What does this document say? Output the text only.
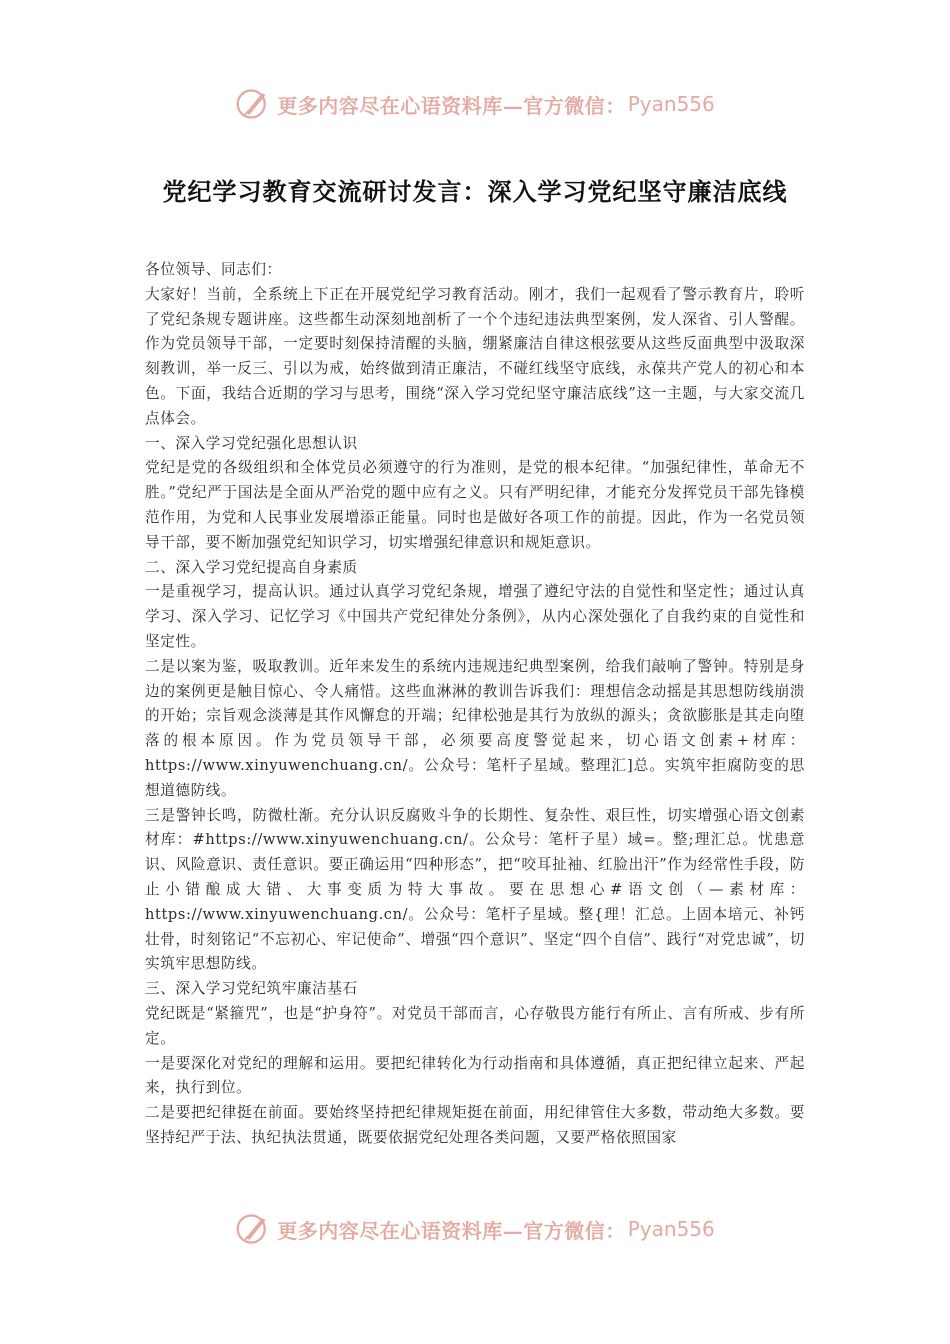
更多内容尽在心语资料库—官方微信： Pyan556
党纪学习教育交流研讨发言：深入学习党纪坚守廉洁底线

各位领导、同志们：

大家好！当前，全系统上下正在开展党纪学习教育活动。刚才，我们一起观看了警示教育片，聆听了党纪条规专题讲座。这些都生动深刻地剖析了一个个违纪违法典型案例，发人深省、引人警醒。作为党员领导干部，一定要时刻保持清醒的头脑，绷紧廉洁自律这根弦要从这些反面典型中汲取深刻教训，举一反三、引以为戒，始终做到清正廉洁，不碰红线坚守底线，永葆共产党人的初心和本色。下面，我结合近期的学习与思考，围绕“深入学习党纪坚守廉洁底线”这一主题，与大家交流几点体会。

一、深入学习党纪强化思想认识

党纪是党的各级组织和全体党员必须遵守的行为准则，是党的根本纪律。“加强纪律性，革命无不胜。”党纪严于国法是全面从严治党的题中应有之义。只有严明纪律，才能充分发挥党员干部先锋模范作用，为党和人民事业发展增添正能量。同时也是做好各项工作的前提。因此，作为一名党员领导干部，要不断加强党纪知识学习，切实增强纪律意识和规矩意识。

二、深入学习党纪提高自身素质

一是重视学习，提高认识。通过认真学习党纪条规，增强了遵纪守法的自觉性和坚定性；通过认真学习、深入学习、记忆学习《中国共产党纪律处分条例》，从内心深处强化了自我约束的自觉性和坚定性。

二是以案为鉴，吸取教训。近年来发生的系统内违规违纪典型案例，给我们敲响了警钟。特别是身边的案例更是触目惊心、令人痛惜。这些血淋淋的教训告诉我们：理想信念动摇是其思想防线崩溃的开始；宗旨观念淡薄是其作风懈怠的开端；纪律松弛是其行为放纵的源头；贪欲膨胀是其走向堕落的根本原因。作为党员领导干部，必须要高度警觉起来，切心语文创素+材库：https://www.xinyuwenchuang.cn/。公众号：笔杆子星域。整理汇]总。实筑牢拒腐防变的思想道德防线。

三是警钟长鸣，防微杜渐。充分认识反腐败斗争的长期性、复杂性、艰巨性，切实增强心语文创素材库：#https://www.xinyuwenchuang.cn/。公众号：笔杆子星）域=。整;理汇总。忧患意识、风险意识、责任意识。要正确运用“四种形态”，把“咬耳扯袖、红脸出汗”作为经常性手段，防止小错酿成大错、大事变质为特大事故。要在思想心#语文创（—素材库：https://www.xinyuwenchuang.cn/。公众号：笔杆子星域。整{理！汇总。上固本培元、补钙壮骨，时刻铭记“不忘初心、牢记使命”、增强“四个意识”、坚定“四个自信”、践行“对党忠诚”，切实筑牢思想防线。

三、深入学习党纪筑牢廉洁基石

党纪既是“紧箍咒”，也是“护身符”。对党员干部而言，心存敬畏方能行有所止、言有所戒、步有所定。

一是要深化对党纪的理解和运用。要把纪律转化为行动指南和具体遵循，真正把纪律立起来、严起来，执行到位。

二是要把纪律挺在前面。要始终坚持把纪律规矩挺在前面，用纪律管住大多数，带动绝大多数。要坚持纪严于法、执纪执法贯通，既要依据党纪处理各类问题，又要严格依照国家

更多内容尽在心语资料库—官方微信： Pyan556
